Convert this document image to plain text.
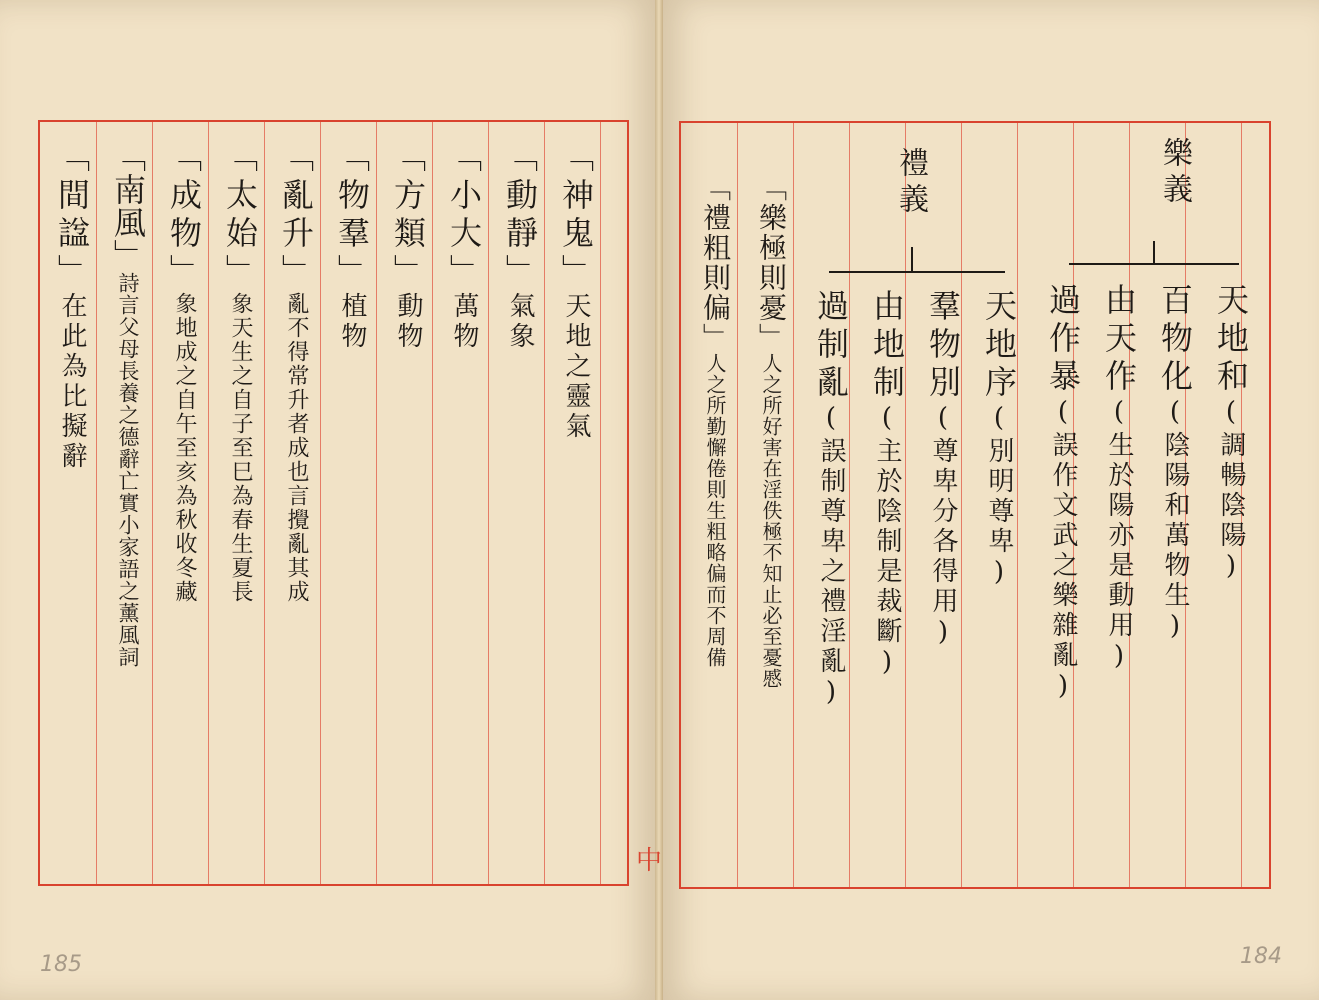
「神鬼」天地之靈氣
「動靜」氣象
「小大」萬物
「方類」動物
「物羣」植物
「亂升」亂不得常升者成也言攪亂其成
「太始」象天生之自子至巳為春生夏長
「成物」象地成之自午至亥為秋收冬藏
「南風」詩言父母長養之德辭亡實小家語之薰風詞
「間諡」在此為比擬辭
185
樂義
禮義
天地和(調暢陰陽)
百物化(陰陽和萬物生)
由天作(生於陽亦是動用)
過作暴(誤作文武之樂雜亂)
天地序(別明尊卑)
羣物別(尊卑分各得用)
由地制(主於陰制是裁斷)
過制亂(誤制尊卑之禮淫亂)
「樂極則憂」人之所好害在淫佚極不知止必至憂慼
「禮粗則偏」人之所勤懈倦則生粗略偏而不周備
184
中
